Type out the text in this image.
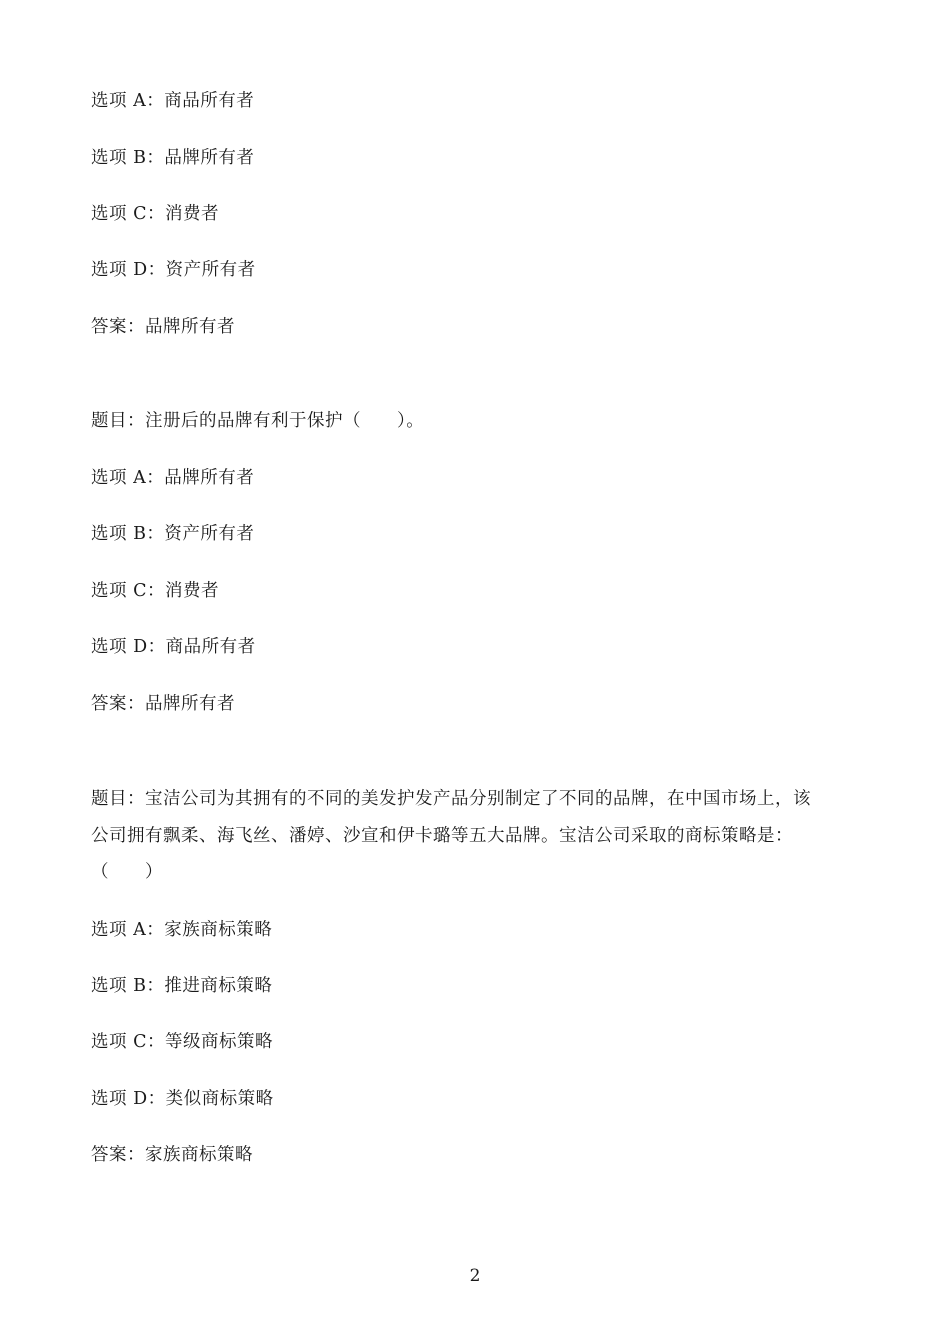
选项 A：商品所有者
选项 B：品牌所有者
选项 C：消费者
选项 D：资产所有者
答案：品牌所有者
题目：注册后的品牌有利于保护（　　）。
选项 A：品牌所有者
选项 B：资产所有者
选项 C：消费者
选项 D：商品所有者
答案：品牌所有者
题目：宝洁公司为其拥有的不同的美发护发产品分别制定了不同的品牌，在中国市场上，该
公司拥有飘柔、海飞丝、潘婷、沙宣和伊卡璐等五大品牌。宝洁公司采取的商标策略是：
（　　）
选项 A：家族商标策略
选项 B：推进商标策略
选项 C：等级商标策略
选项 D：类似商标策略
答案：家族商标策略
2
